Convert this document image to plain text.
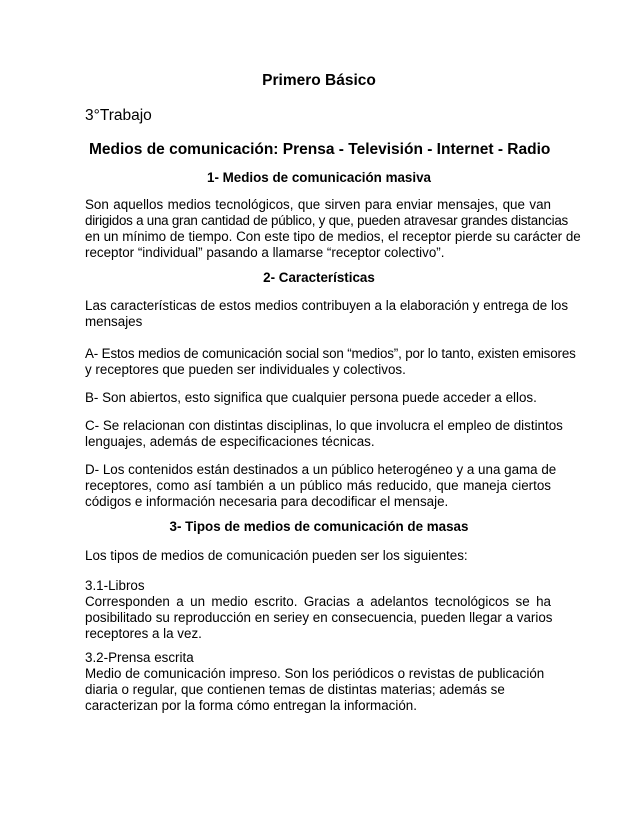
Primero Básico
3°Trabajo
Medios de comunicación: Prensa - Televisión - Internet - Radio
1- Medios de comunicación masiva
Son aquellos medios tecnológicos, que sirven para enviar mensajes, que van
dirigidos a una gran cantidad de público, y que, pueden atravesar grandes distancias
en un mínimo de tiempo. Con este tipo de medios, el receptor pierde su carácter de
receptor “individual” pasando a llamarse “receptor colectivo”.
2- Características
Las características de estos medios contribuyen a la elaboración y entrega de los
mensajes
A- Estos medios de comunicación social son “medios”, por lo tanto, existen emisores
y receptores que pueden ser individuales y colectivos.
B- Son abiertos, esto significa que cualquier persona puede acceder a ellos.
C- Se relacionan con distintas disciplinas, lo que involucra el empleo de distintos
lenguajes, además de especificaciones técnicas.
D- Los contenidos están destinados a un público heterogéneo y a una gama de
receptores, como así también a un público más reducido, que maneja ciertos
códigos e información necesaria para decodificar el mensaje.
3- Tipos de medios de comunicación de masas
Los tipos de medios de comunicación pueden ser los siguientes:
3.1-Libros
Corresponden a un medio escrito. Gracias a adelantos tecnológicos se ha
posibilitado su reproducción en seriey en consecuencia, pueden llegar a varios
receptores a la vez.
3.2-Prensa escrita
Medio de comunicación impreso. Son los periódicos o revistas de publicación
diaria o regular, que contienen temas de distintas materias; además se
caracterizan por la forma cómo entregan la información.
